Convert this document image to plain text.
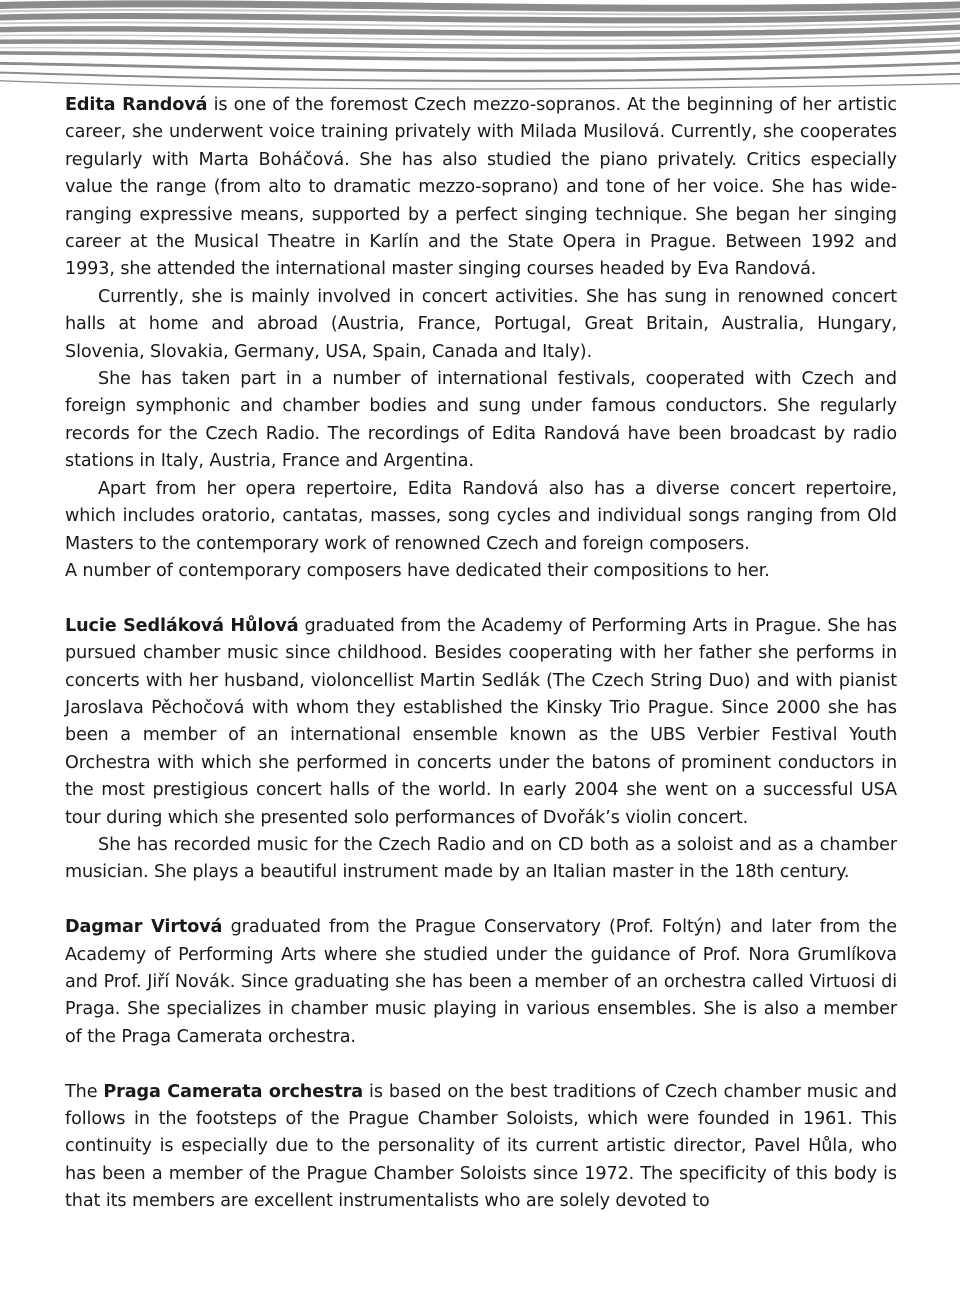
Edita Randová is one of the foremost Czech mezzo-sopranos. At the beginning of her artistic career, she underwent voice training privately with Milada Musilová. Currently, she cooperates regularly with Marta Boháčová. She has also studied the piano privately. Critics especially value the range (from alto to dramatic mezzo-soprano) and tone of her voice. She has wide-ranging expressive means, supported by a perfect singing technique. She began her singing career at the Musical Theatre in Karlín and the State Opera in Prague. Between 1992 and 1993, she attended the international master singing courses headed by Eva Randová.

Currently, she is mainly involved in concert activities. She has sung in renowned concert halls at home and abroad (Austria, France, Portugal, Great Britain, Australia, Hungary, Slovenia, Slovakia, Germany, USA, Spain, Canada and Italy).

She has taken part in a number of international festivals, cooperated with Czech and foreign symphonic and chamber bodies and sung under famous conductors. She regularly records for the Czech Radio. The recordings of Edita Randová have been broadcast by radio stations in Italy, Austria, France and Argentina.

Apart from her opera repertoire, Edita Randová also has a diverse concert repertoire, which includes oratorio, cantatas, masses, song cycles and individual songs ranging from Old Masters to the contemporary work of renowned Czech and foreign composers.

A number of contemporary composers have dedicated their compositions to her.

Lucie Sedláková Hůlová graduated from the Academy of Performing Arts in Prague. She has pursued chamber music since childhood. Besides cooperating with her father she performs in concerts with her husband, violoncellist Martin Sedlák (The Czech String Duo) and with pianist Jaroslava Pěchočová with whom they established the Kinsky Trio Prague. Since 2000 she has been a member of an international ensemble known as the UBS Verbier Festival Youth Orchestra with which she performed in concerts under the batons of prominent conductors in the most prestigious concert halls of the world. In early 2004 she went on a successful USA tour during which she presented solo performances of Dvořák’s violin concert.

She has recorded music for the Czech Radio and on CD both as a soloist and as a chamber musician. She plays a beautiful instrument made by an Italian master in the 18th century.

Dagmar Virtová graduated from the Prague Conservatory (Prof. Foltýn) and later from the Academy of Performing Arts where she studied under the guidance of Prof. Nora Grumlíkova and Prof. Jiří Novák. Since graduating she has been a member of an orchestra called Virtuosi di Praga. She specializes in chamber music playing in various ensembles. She is also a member of the Praga Camerata orchestra.

The Praga Camerata orchestra is based on the best traditions of Czech chamber music and follows in the footsteps of the Prague Chamber Soloists, which were founded in 1961. This continuity is especially due to the personality of its current artistic director, Pavel Hůla, who has been a member of the Prague Chamber Soloists since 1972. The specificity of this body is that its members are excellent instrumentalists who are solely devoted to
